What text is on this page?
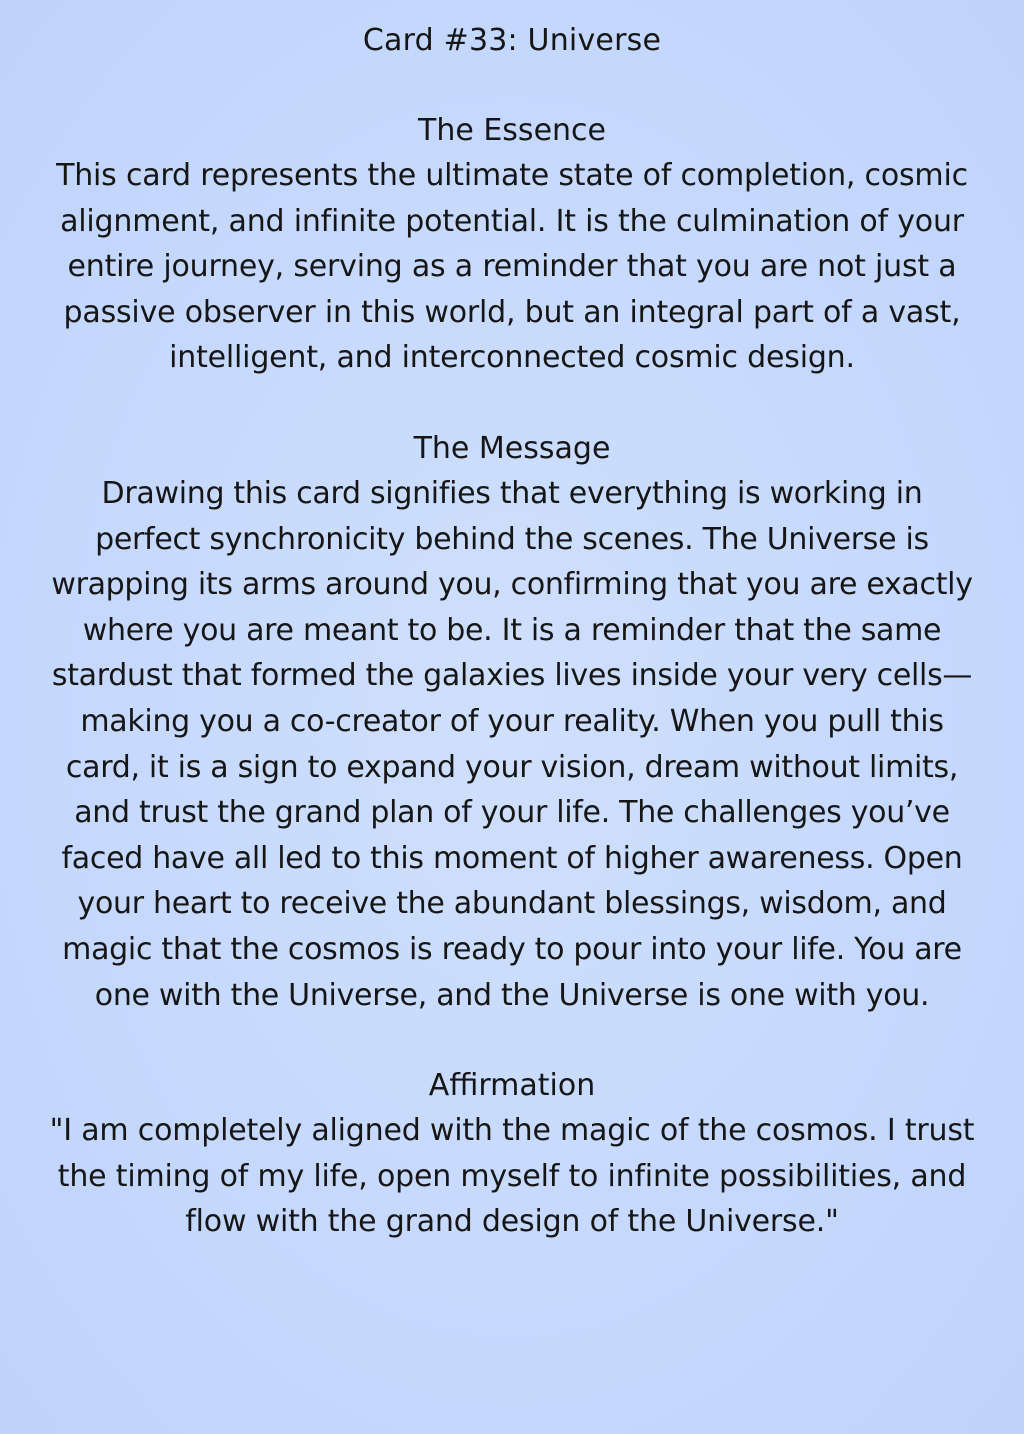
Card #33: Universe
The Essence

This card represents the ultimate state of completion, cosmic alignment, and infinite potential. It is the culmination of your entire journey, serving as a reminder that you are not just a passive observer in this world, but an integral part of a vast, intelligent, and interconnected cosmic design.

The Message

Drawing this card signifies that everything is working in perfect synchronicity behind the scenes. The Universe is wrapping its arms around you, confirming that you are exactly where you are meant to be. It is a reminder that the same stardust that formed the galaxies lives inside your very cells—making you a co-creator of your reality. When you pull this card, it is a sign to expand your vision, dream without limits, and trust the grand plan of your life. The challenges you’ve faced have all led to this moment of higher awareness. Open your heart to receive the abundant blessings, wisdom, and magic that the cosmos is ready to pour into your life. You are one with the Universe, and the Universe is one with you.

Affirmation

"I am completely aligned with the magic of the cosmos. I trust the timing of my life, open myself to infinite possibilities, and flow with the grand design of the Universe."
